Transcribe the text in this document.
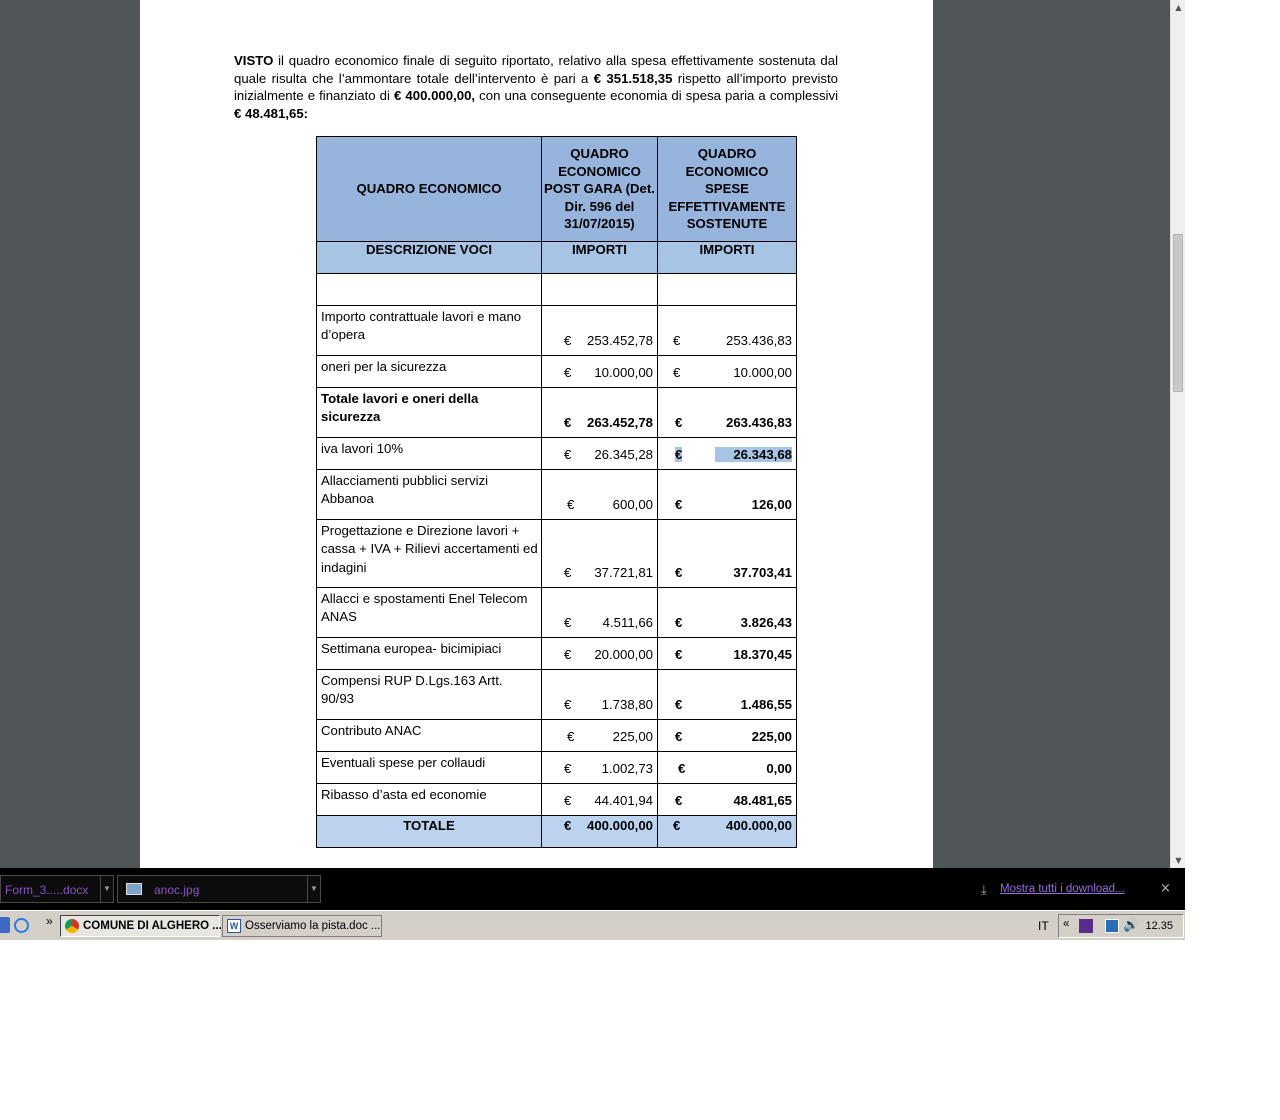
VISTO il quadro economico finale di seguito riportato, relativo alla spesa effettivamente sostenuta dal quale risulta che l’ammontare totale dell’intervento è pari a € 351.518,35 rispetto all’importo previsto inizialmente e finanziato di € 400.000,00, con una conseguente economia di spesa paria a complessivi € 48.481,65:
QUADRO ECONOMICO	QUADRO ECONOMICO POST GARA (Det. Dir. 596 del 31/07/2015)	QUADRO ECONOMICO SPESE EFFETTIVAMENTE SOSTENUTE
DESCRIZIONE VOCI	IMPORTI	IMPORTI

Importo contrattuale lavori e mano d’opera	€ 253.452,78	€ 253.436,83

oneri per la sicurezza	€ 10.000,00	€ 10.000,00

Totale lavori e oneri della sicurezza	€ 263.452,78	€ 263.436,83

iva lavori 10%	€ 26.345,28	€ 26.343,68

Allacciamenti pubblici servizi Abbanoa	€ 600,00	€ 126,00

Progettazione e Direzione lavori + cassa + IVA + Rilievi accertamenti ed indagini	€ 37.721,81	€ 37.703,41

Allacci e spostamenti Enel Telecom ANAS	€ 4.511,66	€ 3.826,43

Settimana europea- bicimipiaci	€ 20.000,00	€ 18.370,45

Compensi RUP D.Lgs.163 Artt. 90/93	€ 1.738,80	€ 1.486,55

Contributo ANAC	€ 225,00	€ 225,00

Eventuali spese per collaudi	€ 1.002,73	€ 0,00

Ribasso d’asta ed economie	€ 44.401,94	€ 48.481,65

TOTALE	€ 400.000,00	€ 400.000,00
▲
▼
Form_3.....docx	▼	anoc.jpg	▼	⤓ Mostra tutti i download...	×
»	COMUNE DI ALGHERO ... W Osserviamo la pista.doc ...	IT «	🔊 12.35
